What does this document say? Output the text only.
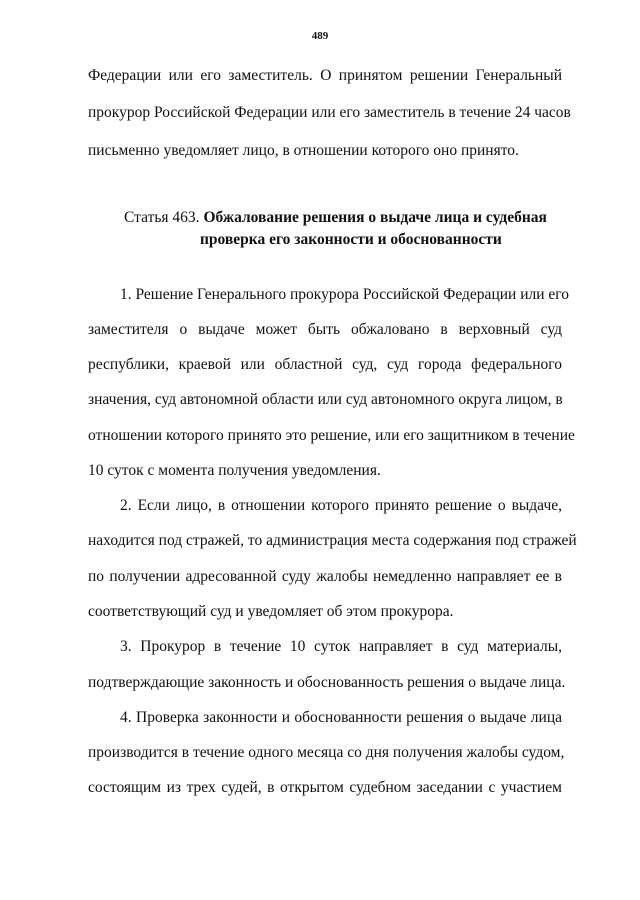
489
Федерации или его заместитель. О принятом решении Генеральный
прокурор Российской Федерации или его заместитель в течение 24 часов
письменно уведомляет лицо, в отношении которого оно принято.
Статья 463. Обжалование решения о выдаче лица и судебная
проверка его законности и обоснованности
1. Решение Генерального прокурора Российской Федерации или его
заместителя о выдаче может быть обжаловано в верховный суд
республики, краевой или областной суд, суд города федерального
значения, суд автономной области или суд автономного округа лицом, в
отношении которого принято это решение, или его защитником в течение
10 суток с момента получения уведомления.
2. Если лицо, в отношении которого принято решение о выдаче,
находится под стражей, то администрация места содержания под стражей
по получении адресованной суду жалобы немедленно направляет ее в
соответствующий суд и уведомляет об этом прокурора.
3. Прокурор в течение 10 суток направляет в суд материалы,
подтверждающие законность и обоснованность решения о выдаче лица.
4. Проверка законности и обоснованности решения о выдаче лица
производится в течение одного месяца со дня получения жалобы судом,
состоящим из трех судей, в открытом судебном заседании с участием
